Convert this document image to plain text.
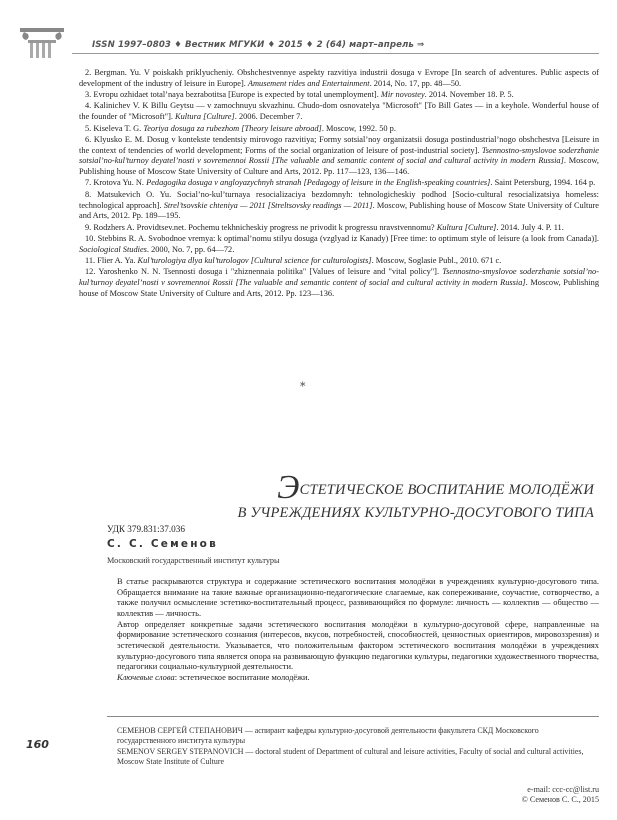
ISSN 1997–0803 ♦ Вестник МГУКИ ♦ 2015 ♦ 2 (64) март–апрель ⇒

2. Bergman. Yu. V poiskakh priklyucheniy. Obshchestvennye aspekty razvitiya industrii dosuga v Evrope [In search of adventures. Public aspects of development of the industry of leisure in Europe]. Amusement rides and Entertainment. 2014, No. 17, pp. 48—50.

3. Evropu ozhidaet total’naya bezrabotitsa [Europe is expected by total unemployment]. Mir novostey. 2014. November 18. P. 5.

4. Kalinichev V. K Billu Geytsu — v zamochnuyu skvazhinu. Chudo-dom osnovatelya "Microsoft" [To Bill Gates — in a keyhole. Wonderful house of the founder of "Microsoft"]. Kultura [Culture]. 2006. December 7.

5. Kiseleva T. G. Teoriya dosuga za rubezhom [Theory leisure abroad]. Moscow, 1992. 50 p.

6. Klyusko E. M. Dosug v kontekste tendentsiy mirovogo razvitiya; Formy sotsial’noy organizatsii dosuga postindustrial’nogo obshchestva [Leisure in the context of tendencies of world development; Forms of the social organization of leisure of post-industrial society]. Tsennostno-smyslovoe soderzhanie sotsial’no-kul’turnoy deyatel’nosti v sovremennoi Rossii [The valuable and semantic content of social and cultural activity in modern Russia]. Moscow, Publishing house of Moscow State University of Culture and Arts, 2012. Pp. 117—123, 136—146.

7. Krotova Yu. N. Pedagogika dosuga v angloyazychnyh stranah [Pedagogy of leisure in the English-speaking countries]. Saint Petersburg, 1994. 164 p.

8. Matsukevich O. Yu. Social’no-kul’turnaya resocializaciya bezdomnyh: tehnologicheskiy podhod [Socio-cultural resocializatsiya homeless: technological approach]. Strel’tsovskie chteniya — 2011 [Streltsovsky readings — 2011]. Moscow, Publishing house of Moscow State University of Culture and Arts, 2012. Pp. 189—195.

9. Rodzhers A. Providtsev.net. Pochemu tekhnicheskiy progress ne privodit k progressu nravstvennomu? Kultura [Culture]. 2014. July 4. P. 11.

10. Stebbins R. A. Svobodnoe vremya: k optimal’nomu stilyu dosuga (vzglyad iz Kanady) [Free time: to optimum style of leisure (a look from Canada)]. Sociological Studies. 2000, No. 7, pp. 64—72.

11. Flier A. Ya. Kul’turologiya dlya kul’turologov [Cultural science for culturologists]. Moscow, Soglasie Publ., 2010. 671 c.

12. Yaroshenko N. N. Tsennosti dosuga i "zhiznennaia politika" [Values of leisure and "vital policy"]. Tsennostno-smyslovoe soderzhanie sotsial’no-kul’turnoy deyatel’nosti v sovremennoi Rossii [The valuable and semantic content of social and cultural activity in modern Russia]. Moscow, Publishing house of Moscow State University of Culture and Arts, 2012. Pp. 123—136.

*
ЭСТЕТИЧЕСКОЕ ВОСПИТАНИЕ МОЛОДЁЖИ
В УЧРЕЖДЕНИЯХ КУЛЬТУРНО-ДОСУГОВОГО ТИПА
УДК 379.831:37.036
С. С. Семенов
Московский государственный институт культуры

В статье раскрываются структура и содержание эстетического воспитания молодёжи в учреждениях культурно-досугового типа. Обращается внимание на такие важные организационно-педагогические слагаемые, как сопереживание, соучастие, сотворчество, а также получил осмысление эстетико-воспитательный процесс, развивающийся по формуле: личность — коллектив — общество — коллектив — личность.

Автор определяет конкретные задачи эстетического воспитания молодёжи в культурно-досуговой сфере, направленные на формирование эстетического сознания (интересов, вкусов, потребностей, способностей, ценностных ориентиров, мировоззрения) и эстетической деятельности. Указывается, что положительным фактором эстетического воспитания молодёжи в учреждениях культурно-досугового типа является опора на развивающую функцию педагогики культуры, педагогики художественного творчества, педагогики социально-культурной деятельности.

Ключевые слова: эстетическое воспитание молодёжи.

160

СЕМЕНОВ СЕРГЕЙ СТЕПАНОВИЧ — аспирант кафедры культурно-досуговой деятельности факультета СКД Московского государственного института культуры

SEMENOV SERGEY STEPANOVICH — doctoral student of Department of cultural and leisure activities, Faculty of social and cultural activities, Moscow State Institute of Culture

e-mail: ccc-cc@list.ru
© Семенов С. С., 2015
